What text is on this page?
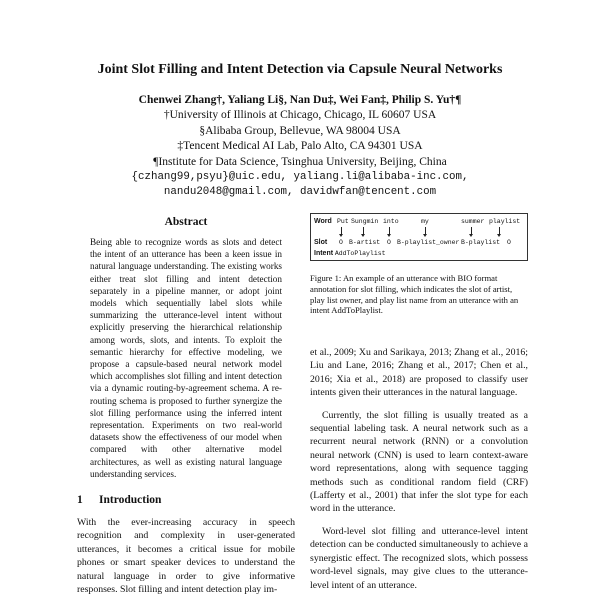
Joint Slot Filling and Intent Detection via Capsule Neural Networks
Chenwei Zhang†, Yaliang Li§, Nan Du‡, Wei Fan‡, Philip S. Yu†¶
†University of Illinois at Chicago, Chicago, IL 60607 USA
§Alibaba Group, Bellevue, WA 98004 USA
‡Tencent Medical AI Lab, Palo Alto, CA 94301 USA
¶Institute for Data Science, Tsinghua University, Beijing, China
{czhang99,psyu}@uic.edu, yaliang.li@alibaba-inc.com,
nandu2048@gmail.com, davidwfan@tencent.com
Abstract
Being able to recognize words as slots and detect the intent of an utterance has been a keen issue in natural language understanding. The existing works either treat slot filling and intent detection separately in a pipeline manner, or adopt joint models which sequentially label slots while summarizing the utterance-level intent without explicitly preserving the hierarchical relationship among words, slots, and intents. To exploit the semantic hierarchy for effective modeling, we propose a capsule-based neural network model which accomplishes slot filling and intent detection via a dynamic routing-by-agreement schema. A re-routing schema is proposed to further synergize the slot filling performance using the inferred intent representation. Experiments on two real-world datasets show the effectiveness of our model when compared with other alternative model architectures, as well as existing natural language understanding services.
1 Introduction
With the ever-increasing accuracy in speech recognition and complexity in user-generated utterances, it becomes a critical issue for mobile phones or smart speaker devices to understand the natural language in order to give informative responses. Slot filling and intent detection play im-
Word Put Sungmin into	my	summer playlist
Slot O B-artist O B-playlist_owner B-playlist O
Intent AddToPlaylist
Figure 1: An example of an utterance with BIO format annotation for slot filling, which indicates the slot of artist, play list owner, and play list name from an utterance with an intent AddToPlaylist.

et al., 2009; Xu and Sarikaya, 2013; Zhang et al., 2016; Liu and Lane, 2016; Zhang et al., 2017; Chen et al., 2016; Xia et al., 2018) are proposed to classify user intents given their utterances in the natural language.

Currently, the slot filling is usually treated as a sequential labeling task. A neural network such as a recurrent neural network (RNN) or a convolution neural network (CNN) is used to learn context-aware word representations, along with sequence tagging methods such as conditional random field (CRF) (Lafferty et al., 2001) that infer the slot type for each word in the utterance.

Word-level slot filling and utterance-level intent detection can be conducted simultaneously to achieve a synergistic effect. The recognized slots, which possess word-level signals, may give clues to the utterance-level intent of an utterance.
